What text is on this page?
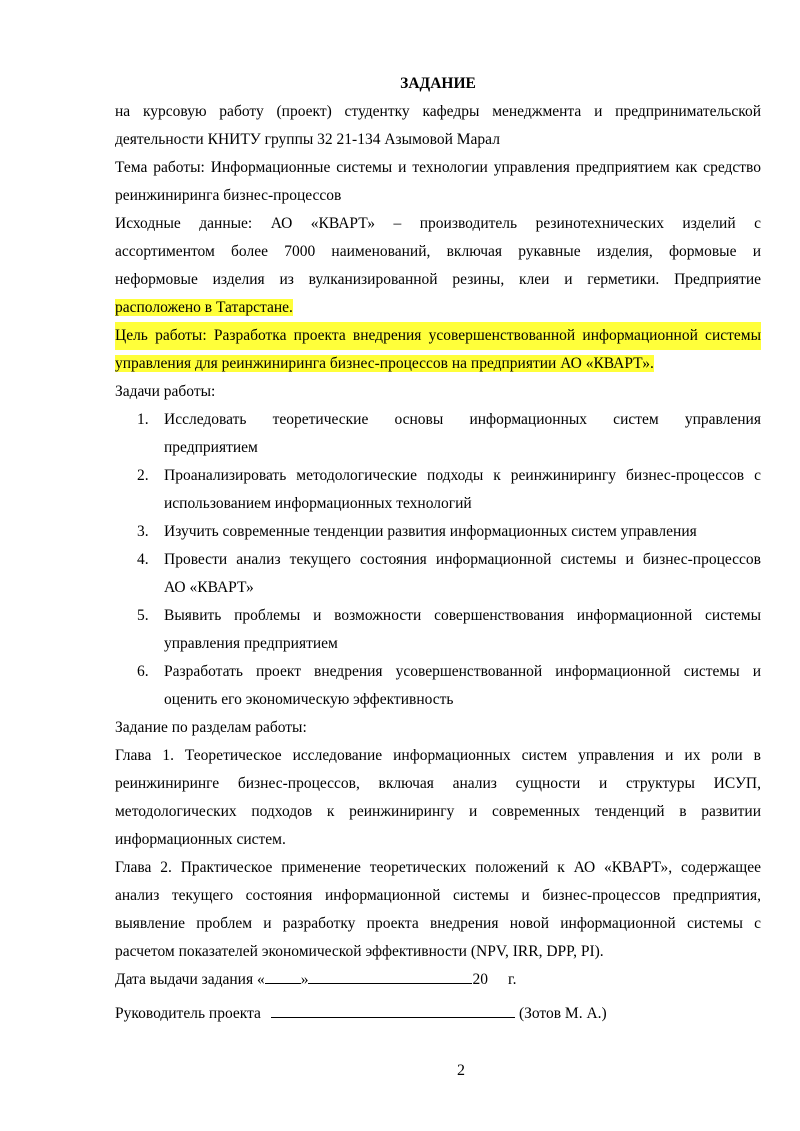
ЗАДАНИЕ
на курсовую работу (проект) студентку кафедры менеджмента и предпринимательской
деятельности КНИТУ группы 32 21-134 Азымовой Марал
Тема работы: Информационные системы и технологии управления предприятием как средство
реинжиниринга бизнес-процессов
Исходные данные: АО «КВАРТ» – производитель резинотехнических изделий с
ассортиментом более 7000 наименований, включая рукавные изделия, формовые и
неформовые изделия из вулканизированной резины, клеи и герметики. Предприятие
расположено в Татарстане.
Цель работы: Разработка проекта внедрения усовершенствованной информационной системы
управления для реинжиниринга бизнес-процессов на предприятии АО «КВАРТ».
Задачи работы:
1. Исследовать теоретические основы информационных систем управления
предприятием
2. Проанализировать методологические подходы к реинжинирингу бизнес-процессов с
использованием информационных технологий
3. Изучить современные тенденции развития информационных систем управления
4. Провести анализ текущего состояния информационной системы и бизнес-процессов
АО «КВАРТ»
5. Выявить проблемы и возможности совершенствования информационной системы
управления предприятием
6. Разработать проект внедрения усовершенствованной информационной системы и
оценить его экономическую эффективность
Задание по разделам работы:
Глава 1. Теоретическое исследование информационных систем управления и их роли в
реинжиниринге бизнес-процессов, включая анализ сущности и структуры ИСУП,
методологических подходов к реинжинирингу и современных тенденций в развитии
информационных систем.
Глава 2. Практическое применение теоретических положений к АО «КВАРТ», содержащее
анализ текущего состояния информационной системы и бизнес-процессов предприятия,
выявление проблем и разработку проекта внедрения новой информационной системы с
расчетом показателей экономической эффективности (NPV, IRR, DPP, PI).
Дата выдачи задания « »	20 г.
Руководитель проекта	(Зотов М. А.)
2
